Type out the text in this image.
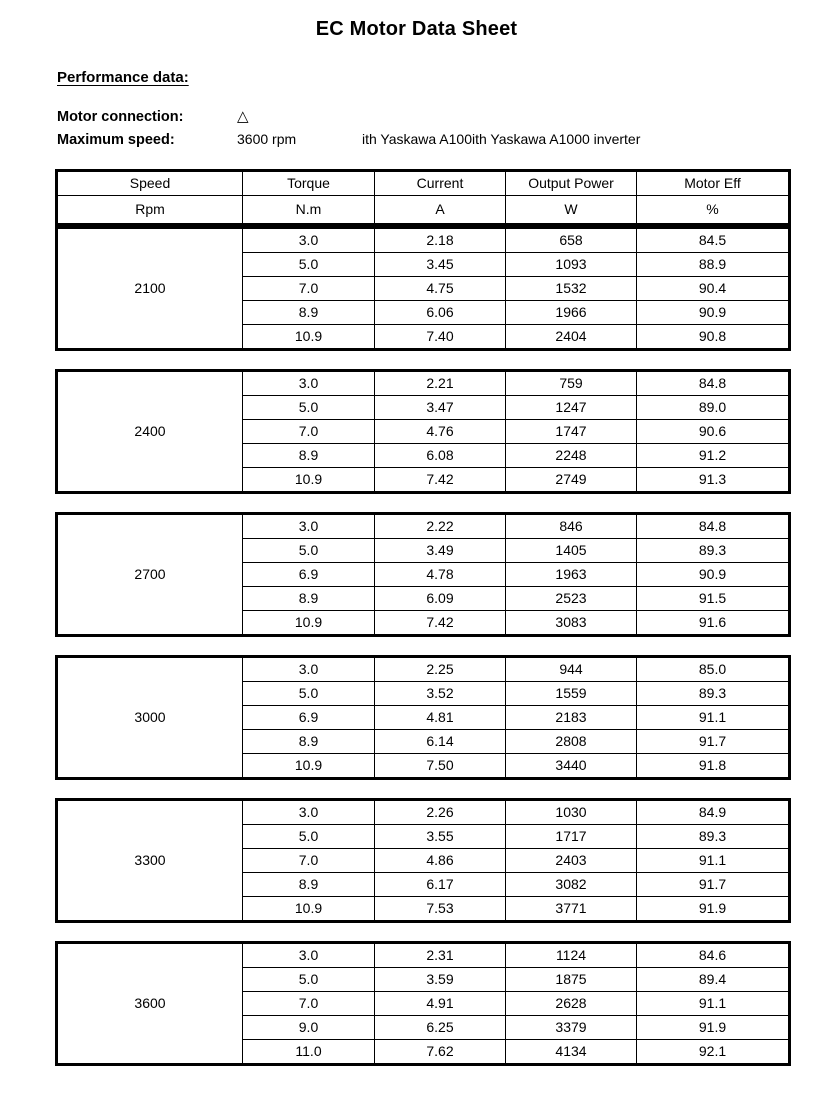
EC Motor Data Sheet
Performance data:
Motor connection:	△
Maximum speed:	3600 rpm	ith Yaskawa A100ith Yaskawa A1000 inverter
Speed	Torque	Current	Output Power	Motor Eff
Rpm	N.m	A	W	%
2100	3.0	2.18	658	84.5
	5.0	3.45	1093	88.9
	7.0	4.75	1532	90.4
	8.9	6.06	1966	90.9
	10.9	7.40	2404	90.8
2400	3.0	2.21	759	84.8
	5.0	3.47	1247	89.0
	7.0	4.76	1747	90.6
	8.9	6.08	2248	91.2
	10.9	7.42	2749	91.3
2700	3.0	2.22	846	84.8
	5.0	3.49	1405	89.3
	6.9	4.78	1963	90.9
	8.9	6.09	2523	91.5
	10.9	7.42	3083	91.6
3000	3.0	2.25	944	85.0
	5.0	3.52	1559	89.3
	6.9	4.81	2183	91.1
	8.9	6.14	2808	91.7
	10.9	7.50	3440	91.8
3300	3.0	2.26	1030	84.9
	5.0	3.55	1717	89.3
	7.0	4.86	2403	91.1
	8.9	6.17	3082	91.7
	10.9	7.53	3771	91.9
3600	3.0	2.31	1124	84.6
	5.0	3.59	1875	89.4
	7.0	4.91	2628	91.1
	9.0	6.25	3379	91.9
	11.0	7.62	4134	92.1
